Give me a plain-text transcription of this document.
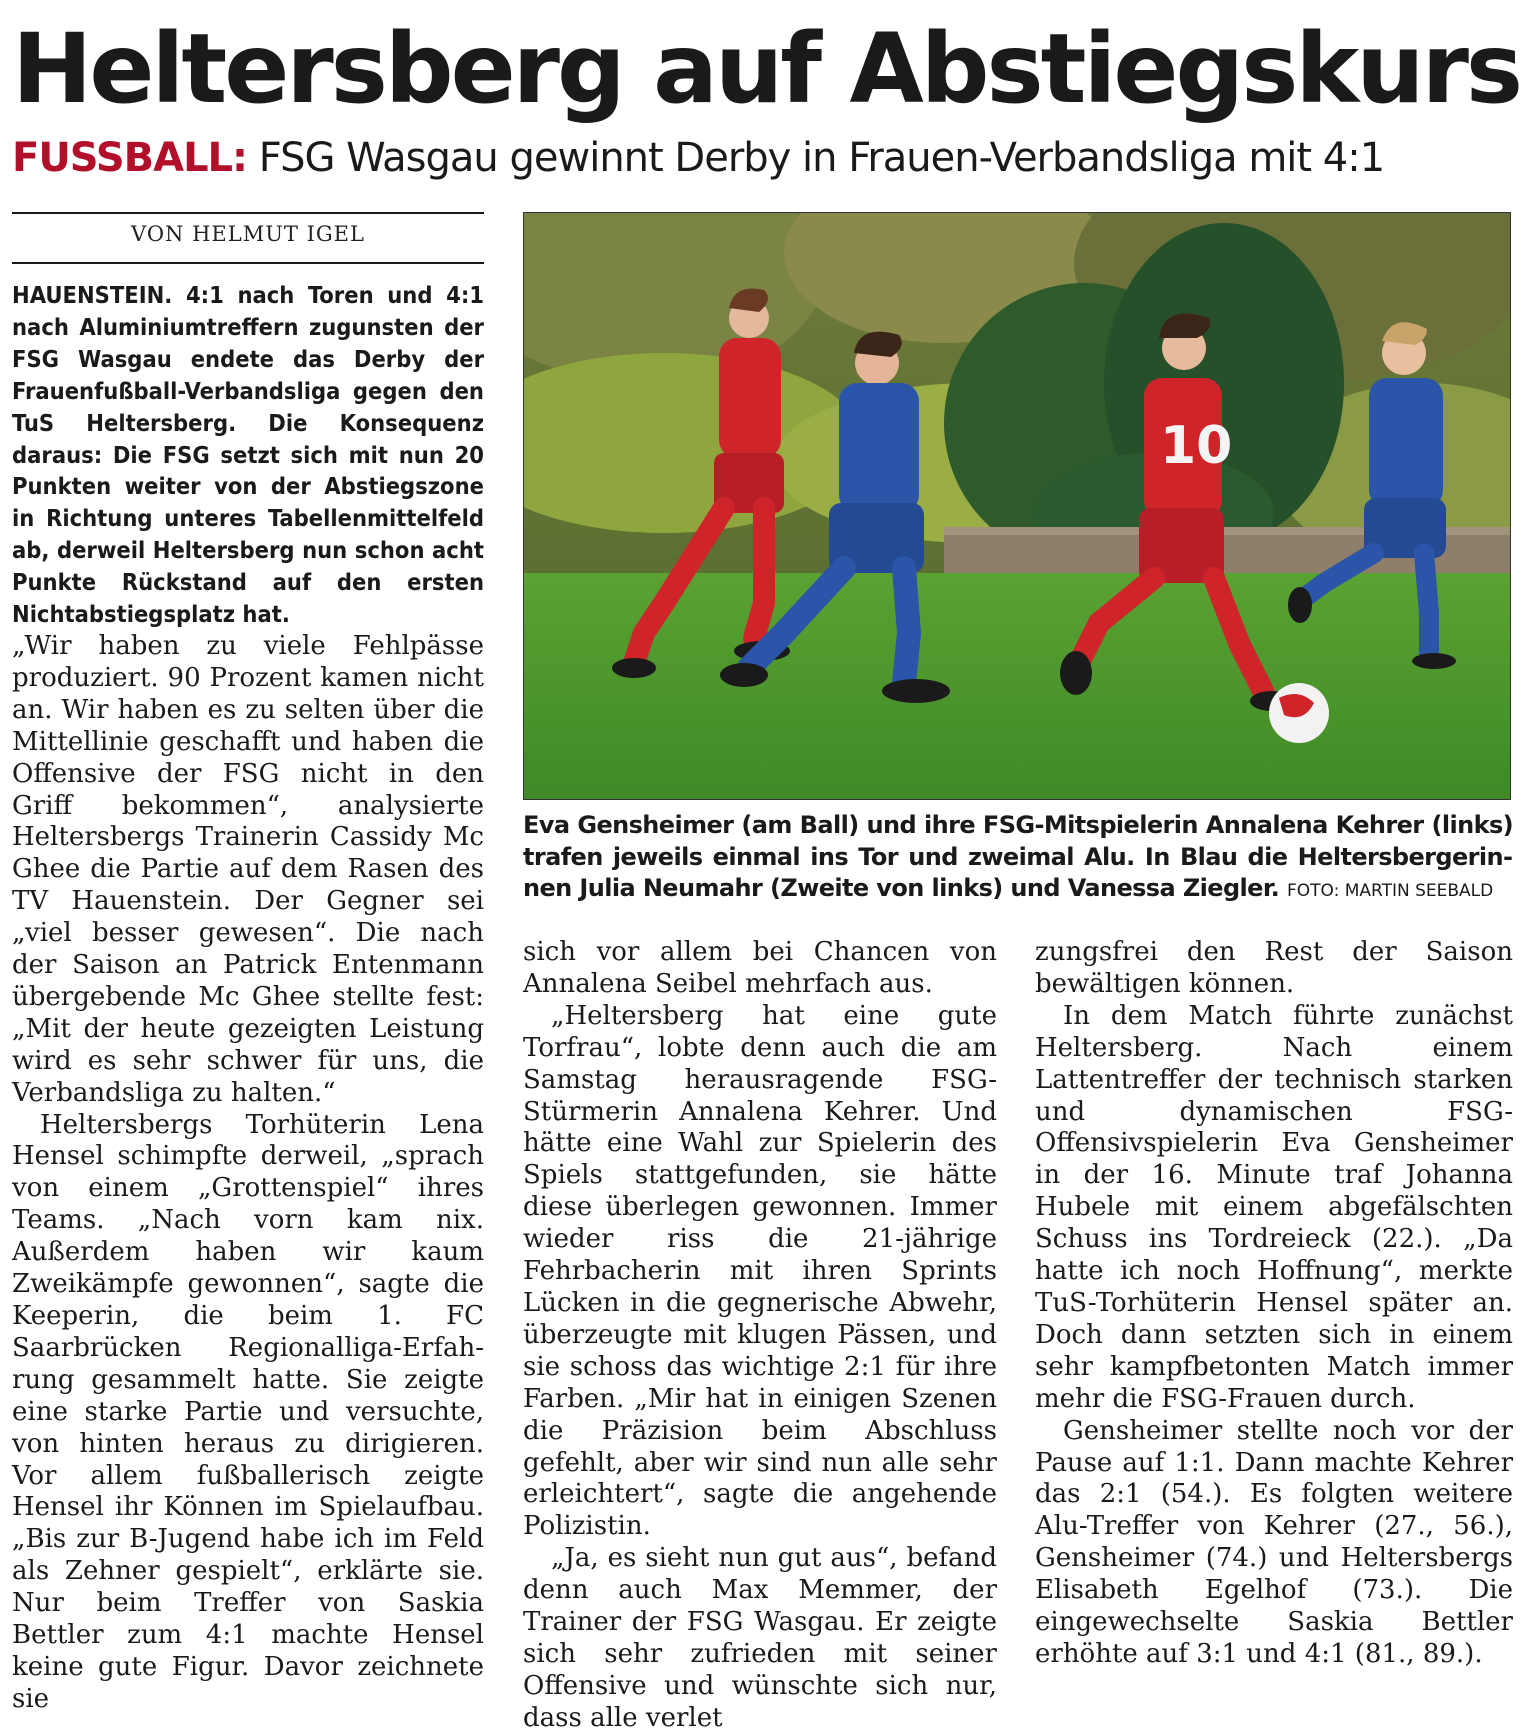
Heltersberg auf Abstiegskurs
FUSSBALL: FSG Wasgau gewinnt Derby in Frauen-Verbandsliga mit 4:1
VON HELMUT IGEL

HAUENSTEIN. 4:1 nach Toren und 4:1 nach Aluminiumtreffern zugunsten der FSG Wasgau endete das Derby der Frauenfußball-Verbandsliga gegen den TuS Heltersberg. Die Konsequenz daraus: Die FSG setzt sich mit nun 20 Punkten weiter von der Abstiegszone in Richtung unteres Tabellenmittelfeld ab, derweil Heltersberg nun schon acht Punkte Rückstand auf den ersten Nichtabstiegsplatz hat.

„Wir haben zu viele Fehlpässe produziert. 90 Prozent kamen nicht an. Wir haben es zu selten über die Mittellinie geschafft und haben die Offensive der FSG nicht in den Griff bekommen“, analysierte Heltersbergs Trainerin Cassidy Mc Ghee die Partie auf dem Rasen des TV Hauenstein. Der Gegner sei „viel besser gewesen“. Die nach der Saison an Patrick Entenmann übergebende Mc Ghee stellte fest: „Mit der heute gezeigten Leistung wird es sehr schwer für uns, die Verbandsliga zu halten.“

Heltersbergs Torhüterin Lena Hensel schimpfte derweil, „sprach von einem „Grottenspiel“ ihres Teams. „Nach vorn kam nix. Außerdem haben wir kaum Zweikämpfe gewonnen“, sagte die Keeperin, die beim 1. FC Saarbrücken Regionalliga-Erfahrung gesammelt hatte. Sie zeigte eine starke Partie und versuchte, von hinten heraus zu dirigieren. Vor allem fußballerisch zeigte Hensel ihr Können im Spielaufbau. „Bis zur B-Jugend habe ich im Feld als Zehner gespielt“, erklärte sie. Nur beim Treffer von Saskia Bettler zum 4:1 machte Hensel keine gute Figur. Davor zeichnete sie

10
Eva Gensheimer (am Ball) und ihre FSG-Mitspielerin Annalena Kehrer (links) trafen jeweils einmal ins Tor und zweimal Alu. In Blau die Heltersbergerinnen Julia Neumahr (Zweite von links) und Vanessa Ziegler. FOTO: MARTIN SEEBALD

sich vor allem bei Chancen von Annalena Seibel mehrfach aus.

„Heltersberg hat eine gute Torfrau“, lobte denn auch die am Samstag herausragende FSG-Stürmerin Annalena Kehrer. Und hätte eine Wahl zur Spielerin des Spiels stattgefunden, sie hätte diese überlegen gewonnen. Immer wieder riss die 21-jährige Fehrbacherin mit ihren Sprints Lücken in die gegnerische Abwehr, überzeugte mit klugen Pässen, und sie schoss das wichtige 2:1 für ihre Farben. „Mir hat in einigen Szenen die Präzision beim Abschluss gefehlt, aber wir sind nun alle sehr erleichtert“, sagte die angehende Polizistin.

„Ja, es sieht nun gut aus“, befand denn auch Max Memmer, der Trainer der FSG Wasgau. Er zeigte sich sehr zufrieden mit seiner Offensive und wünschte sich nur, dass alle verlet

zungsfrei den Rest der Saison bewältigen können.

In dem Match führte zunächst Heltersberg. Nach einem Lattentreffer der technisch starken und dynamischen FSG-Offensivspielerin Eva Gensheimer in der 16. Minute traf Johanna Hubele mit einem abgefälschten Schuss ins Tordreieck (22.). „Da hatte ich noch Hoffnung“, merkte TuS-Torhüterin Hensel später an. Doch dann setzten sich in einem sehr kampfbetonten Match immer mehr die FSG-Frauen durch.

Gensheimer stellte noch vor der Pause auf 1:1. Dann machte Kehrer das 2:1 (54.). Es folgten weitere Alu-Treffer von Kehrer (27., 56.), Gensheimer (74.) und Heltersbergs Elisabeth Egelhof (73.). Die eingewechselte Saskia Bettler erhöhte auf 3:1 und 4:1 (81., 89.).
